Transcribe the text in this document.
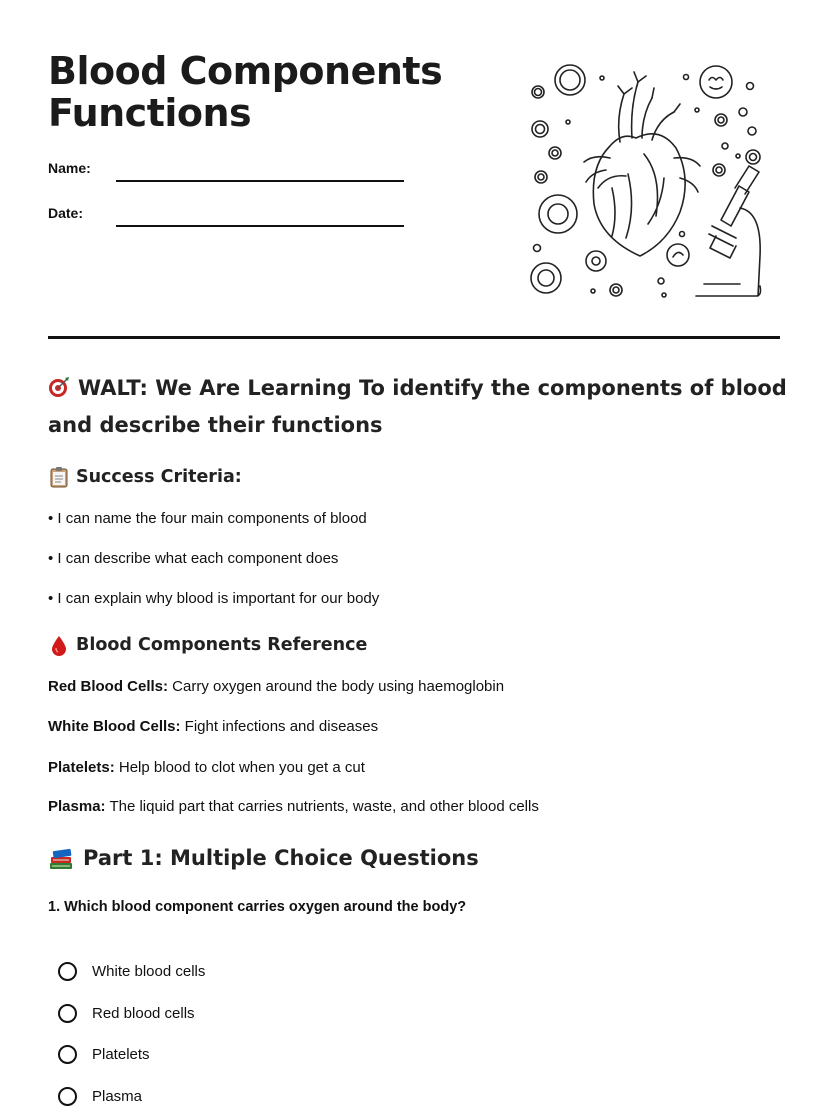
Blood Components
Functions
Name:
Date:
WALT: We Are Learning To identify the components of blood and describe their functions
Success Criteria:
• I can name the four main components of blood
• I can describe what each component does
• I can explain why blood is important for our body
Blood Components Reference
Red Blood Cells: Carry oxygen around the body using haemoglobin
White Blood Cells: Fight infections and diseases
Platelets: Help blood to clot when you get a cut
Plasma: The liquid part that carries nutrients, waste, and other blood cells
Part 1: Multiple Choice Questions
1. Which blood component carries oxygen around the body?
White blood cells
Red blood cells
Platelets
Plasma
